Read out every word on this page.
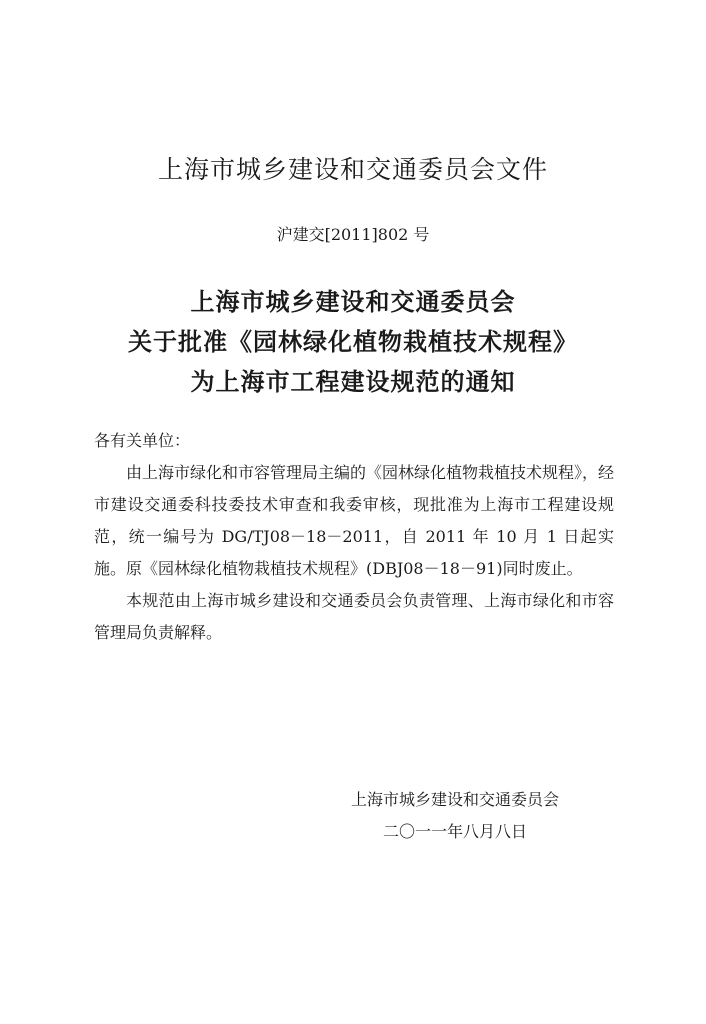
上海市城乡建设和交通委员会文件
沪建交[2011]802 号
上海市城乡建设和交通委员会
关于批准《园林绿化植物栽植技术规程》
为上海市工程建设规范的通知
各有关单位：

由上海市绿化和市容管理局主编的《园林绿化植物栽植技术规程》，经市建设交通委科技委技术审查和我委审核，现批准为上海市工程建设规范，统一编号为 DG/TJ08－18－2011，自 2011 年 10 月 1 日起实施。原《园林绿化植物栽植技术规程》(DBJ08－18－91)同时废止。

本规范由上海市城乡建设和交通委员会负责管理、上海市绿化和市容管理局负责解释。

上海市城乡建设和交通委员会
二〇一一年八月八日
